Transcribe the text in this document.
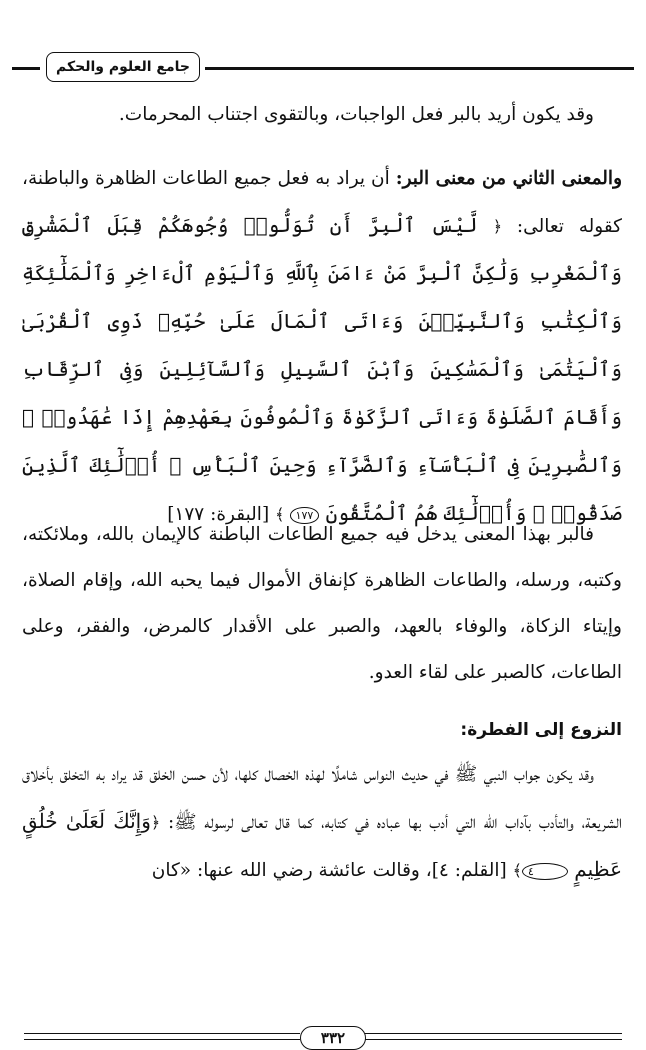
جامع العلوم والحكم

وقد يكون أريد بالبر فعل الواجبات، وبالتقوى اجتناب المحرمات.

والمعنى الثاني من معنى البر: أن يراد به فعل جميع الطاعات الظاهرة والباطنة، كقوله تعالى: ﴿ لَّيْسَ ٱلْبِرَّ أَن تُوَلُّوا۟ وُجُوهَكُمْ قِبَلَ ٱلْمَشْرِقِ وَٱلْمَغْرِبِ وَلَٰكِنَّ ٱلْبِرَّ مَنْ ءَامَنَ بِٱللَّهِ وَٱلْيَوْمِ ٱلْءَاخِرِ وَٱلْمَلَٰٓئِكَةِ وَٱلْكِتَٰبِ وَٱلنَّبِيِّـۧنَ وَءَاتَى ٱلْمَالَ عَلَىٰ حُبِّهِۦ ذَوِى ٱلْقُرْبَىٰ وَٱلْيَتَٰمَىٰ وَٱلْمَسَٰكِينَ وَٱبْنَ ٱلسَّبِيلِ وَٱلسَّآئِلِينَ وَفِى ٱلرِّقَابِ وَأَقَامَ ٱلصَّلَوٰةَ وَءَاتَى ٱلزَّكَوٰةَ وَٱلْمُوفُونَ بِعَهْدِهِمْ إِذَا عَٰهَدُوا۟ ۖ وَٱلصَّٰبِرِينَ فِى ٱلْبَأْسَآءِ وَٱلضَّرَّآءِ وَحِينَ ٱلْبَأْسِ ۗ أُو۟لَٰٓئِكَ ٱلَّذِينَ صَدَقُوا۟ ۖ وَأُو۟لَٰٓئِكَ هُمُ ٱلْمُتَّقُونَ ١٧٧ ﴾ [البقرة: ١٧٧]

فالبر بهذا المعنى يدخل فيه جميع الطاعات الباطنة كالإيمان بالله، وملائكته، وكتبه، ورسله، والطاعات الظاهرة كإنفاق الأموال فيما يحبه الله، وإقام الصلاة، وإيتاء الزكاة، والوفاء بالعهد، والصبر على الأقدار كالمرض، والفقر، وعلى الطاعات، كالصبر على لقاء العدو.

النزوع إلى الفطرة:

وقد يكون جواب النبي ﷺ في حديث النواس شاملًا لهذه الخصال كلها، لأن حسن الخلق قد يراد به التخلق بأخلاق الشريعة، والتأدب بآداب الله التي أدب بها عباده في كتابه، كما قال تعالى لرسوله ﷺ: ﴿وَإِنَّكَ لَعَلَىٰ خُلُقٍ عَظِيمٍ ٤﴾ [القلم: ٤]، وقالت عائشة رضي الله عنها: «كان

٣٣٢
